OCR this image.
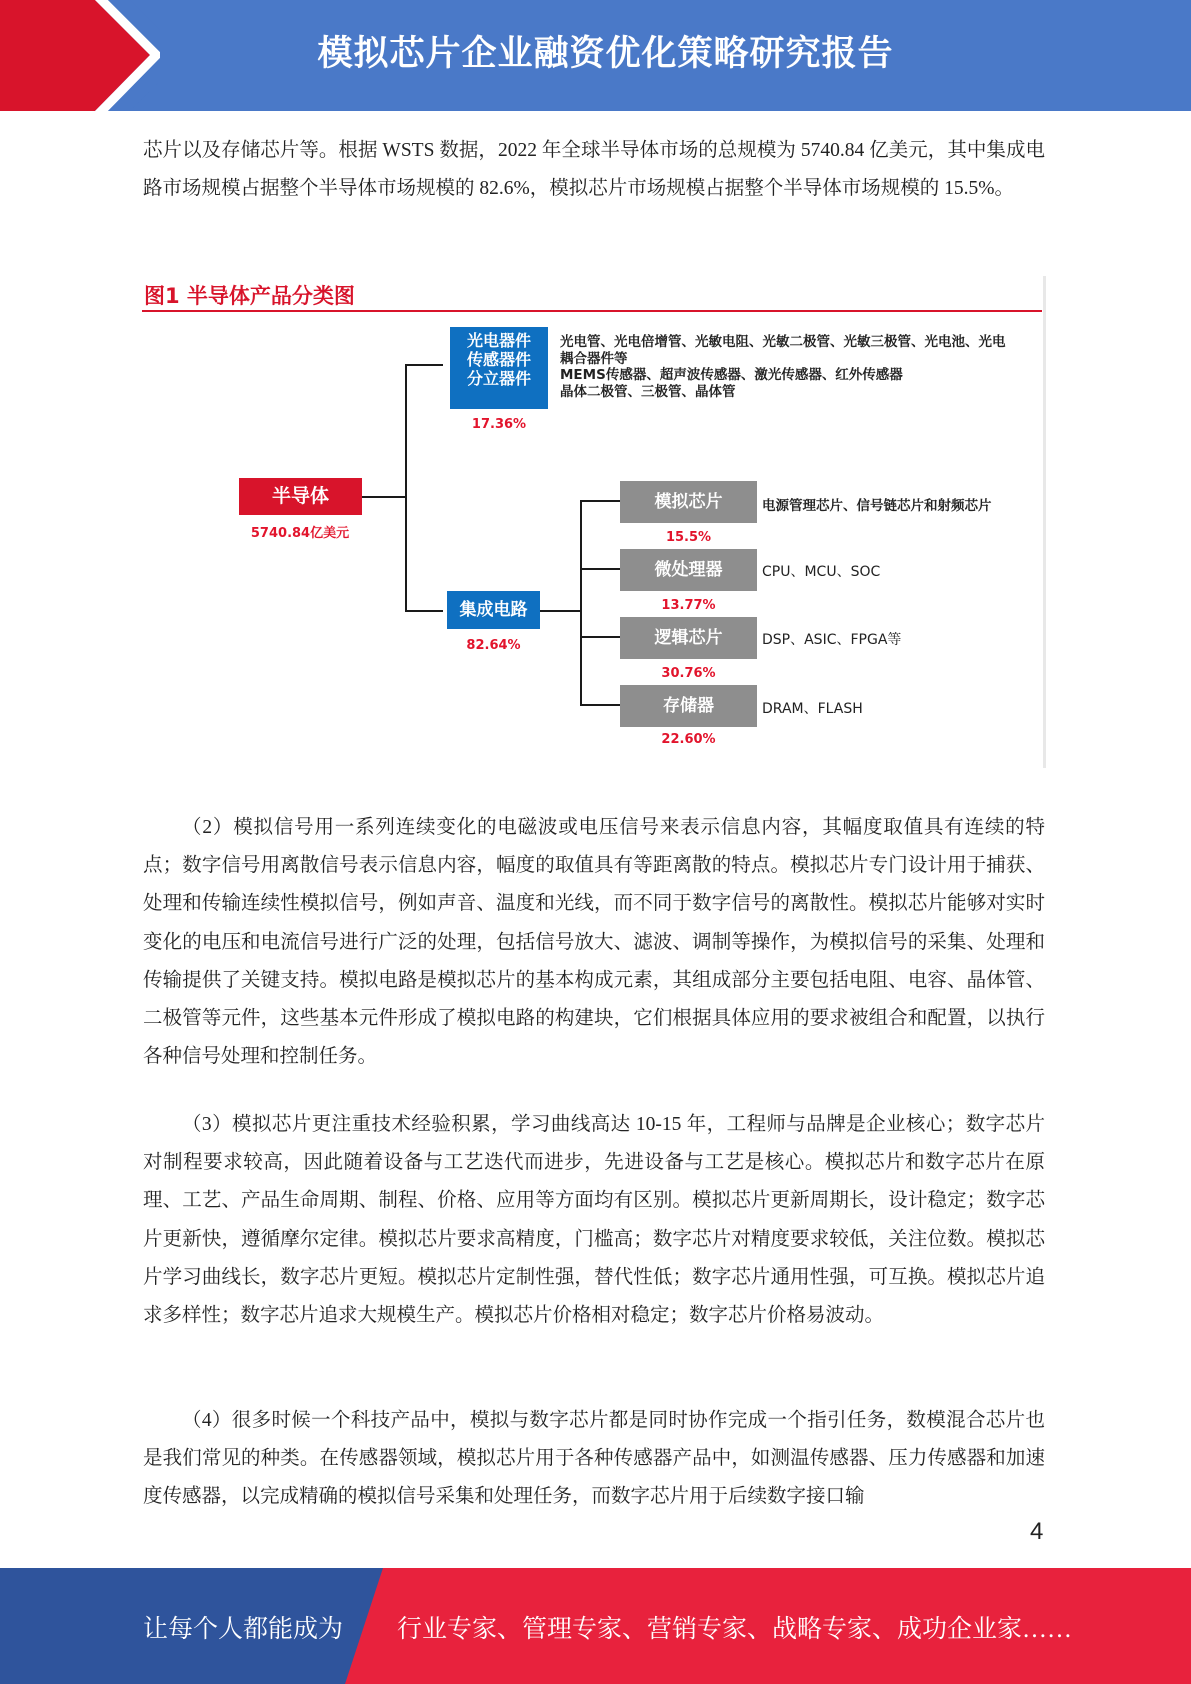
模拟芯片企业融资优化策略研究报告
芯片以及存储芯片等。根据 WSTS 数据，2022 年全球半导体市场的总规模为 5740.84 亿美元，其中集成电路市场规模占据整个半导体市场规模的 82.6%，模拟芯片市场规模占据整个半导体市场规模的 15.5%。
图1 半导体产品分类图
半导体
5740.84亿美元
光电器件
传感器件
分立器件
17.36%
光电管、光电倍增管、光敏电阻、光敏二极管、光敏三极管、光电池、光电
耦合器件等
MEMS传感器、超声波传感器、激光传感器、红外传感器
晶体二极管、三极管、晶体管
集成电路
82.64%
模拟芯片
15.5%
电源管理芯片、信号链芯片和射频芯片
微处理器
13.77%
CPU、MCU、SOC
逻辑芯片
30.76%
DSP、ASIC、FPGA等
存储器
22.60%
DRAM、FLASH
（2）模拟信号用一系列连续变化的电磁波或电压信号来表示信息内容，其幅度取值具有连续的特点；数字信号用离散信号表示信息内容，幅度的取值具有等距离散的特点。模拟芯片专门设计用于捕获、处理和传输连续性模拟信号，例如声音、温度和光线，而不同于数字信号的离散性。模拟芯片能够对实时变化的电压和电流信号进行广泛的处理，包括信号放大、滤波、调制等操作，为模拟信号的采集、处理和传输提供了关键支持。模拟电路是模拟芯片的基本构成元素，其组成部分主要包括电阻、电容、晶体管、二极管等元件，这些基本元件形成了模拟电路的构建块，它们根据具体应用的要求被组合和配置，以执行各种信号处理和控制任务。
（3）模拟芯片更注重技术经验积累，学习曲线高达 10-15 年，工程师与品牌是企业核心；数字芯片对制程要求较高，因此随着设备与工艺迭代而进步，先进设备与工艺是核心。模拟芯片和数字芯片在原理、工艺、产品生命周期、制程、价格、应用等方面均有区别。模拟芯片更新周期长，设计稳定；数字芯片更新快，遵循摩尔定律。模拟芯片要求高精度，门槛高；数字芯片对精度要求较低，关注位数。模拟芯片学习曲线长，数字芯片更短。模拟芯片定制性强，替代性低；数字芯片通用性强，可互换。模拟芯片追求多样性；数字芯片追求大规模生产。模拟芯片价格相对稳定；数字芯片价格易波动。
（4）很多时候一个科技产品中，模拟与数字芯片都是同时协作完成一个指引任务，数模混合芯片也是我们常见的种类。在传感器领域，模拟芯片用于各种传感器产品中，如测温传感器、压力传感器和加速度传感器，以完成精确的模拟信号采集和处理任务，而数字芯片用于后续数字接口输
4
让每个人都能成为 行业专家、管理专家、营销专家、战略专家、成功企业家……
